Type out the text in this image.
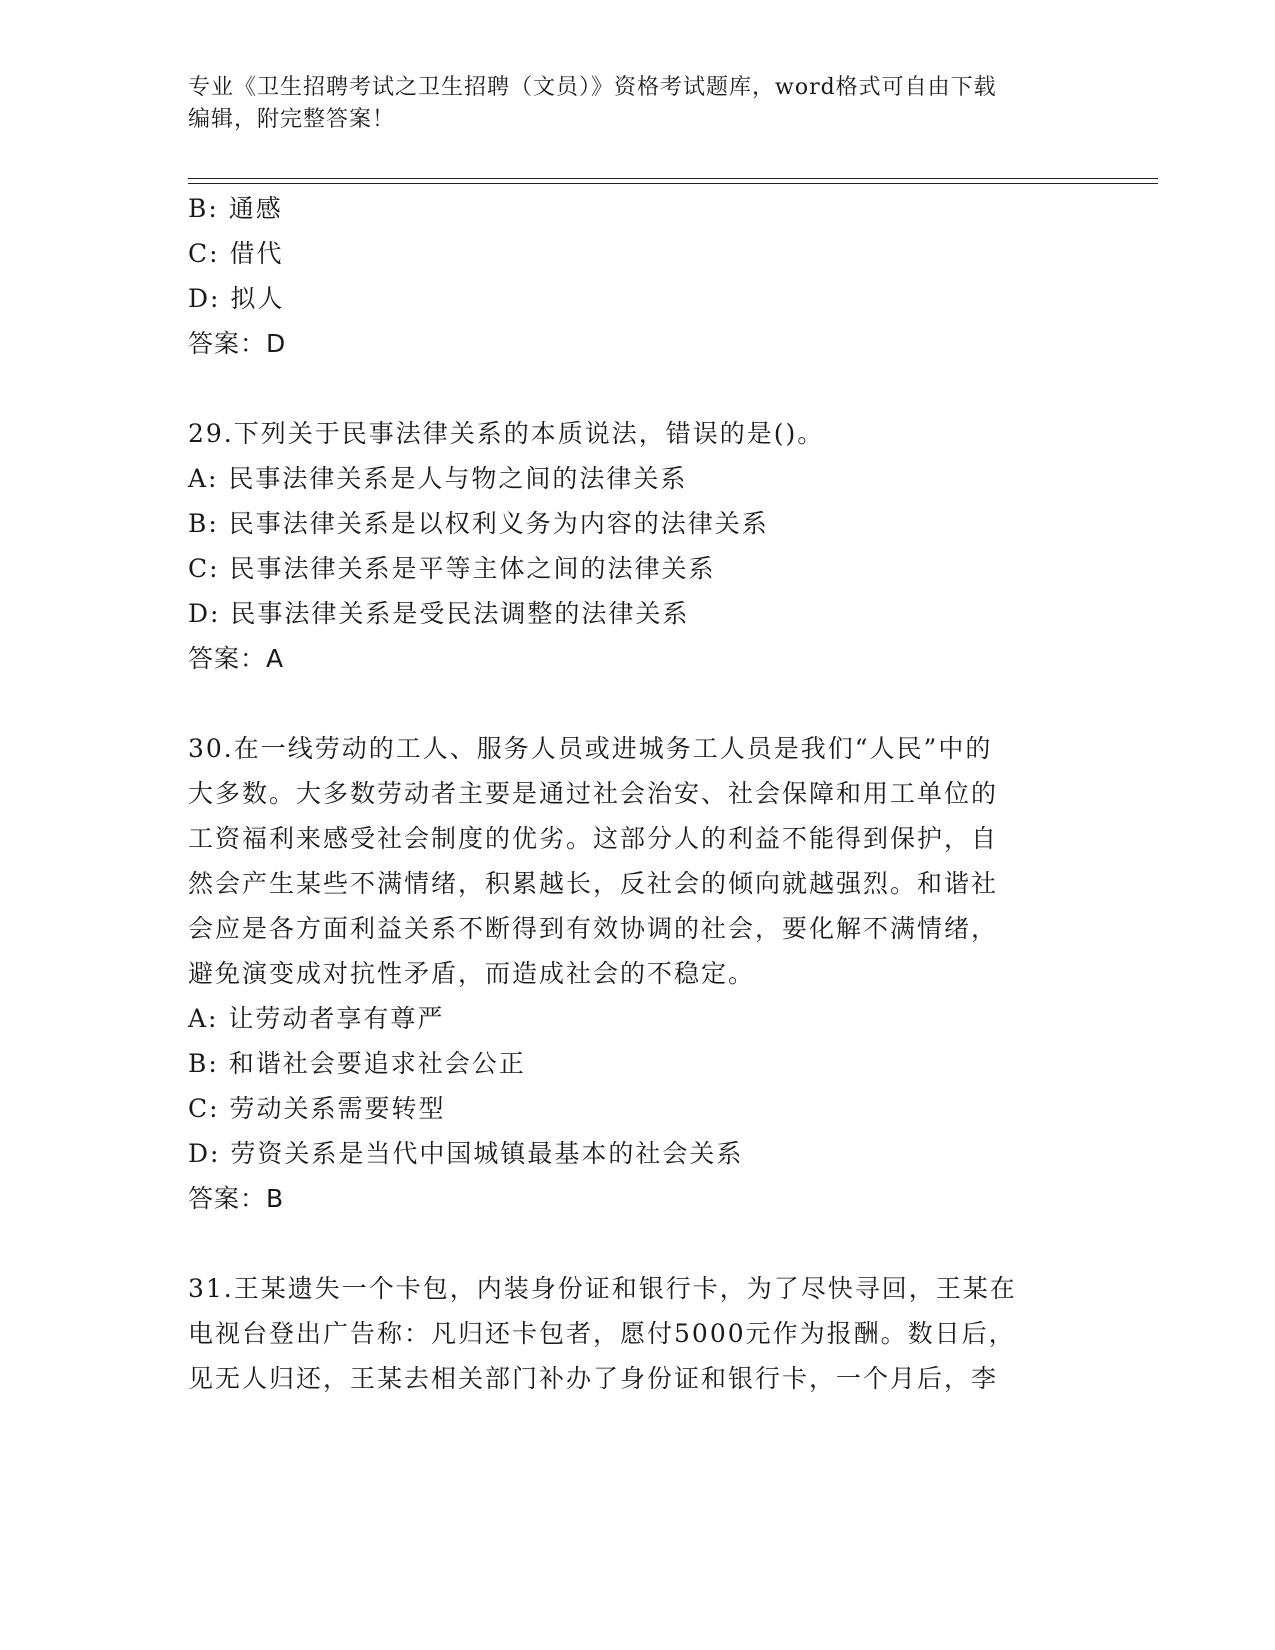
专业《卫生招聘考试之卫生招聘（文员）》资格考试题库，word格式可自由下载
编辑，附完整答案！
B: 通感
C: 借代
D: 拟人
答案：D
29.下列关于民事法律关系的本质说法，错误的是()。
A: 民事法律关系是人与物之间的法律关系
B: 民事法律关系是以权利义务为内容的法律关系
C: 民事法律关系是平等主体之间的法律关系
D: 民事法律关系是受民法调整的法律关系
答案：A
30.在一线劳动的工人、服务人员或进城务工人员是我们“人民”中的
大多数。大多数劳动者主要是通过社会治安、社会保障和用工单位的
工资福利来感受社会制度的优劣。这部分人的利益不能得到保护，自
然会产生某些不满情绪，积累越长，反社会的倾向就越强烈。和谐社
会应是各方面利益关系不断得到有效协调的社会，要化解不满情绪，
避免演变成对抗性矛盾，而造成社会的不稳定。
A: 让劳动者享有尊严
B: 和谐社会要追求社会公正
C: 劳动关系需要转型
D: 劳资关系是当代中国城镇最基本的社会关系
答案：B
31.王某遗失一个卡包，内装身份证和银行卡，为了尽快寻回，王某在
电视台登出广告称：凡归还卡包者，愿付5000元作为报酬。数日后，
见无人归还，王某去相关部门补办了身份证和银行卡，一个月后，李
